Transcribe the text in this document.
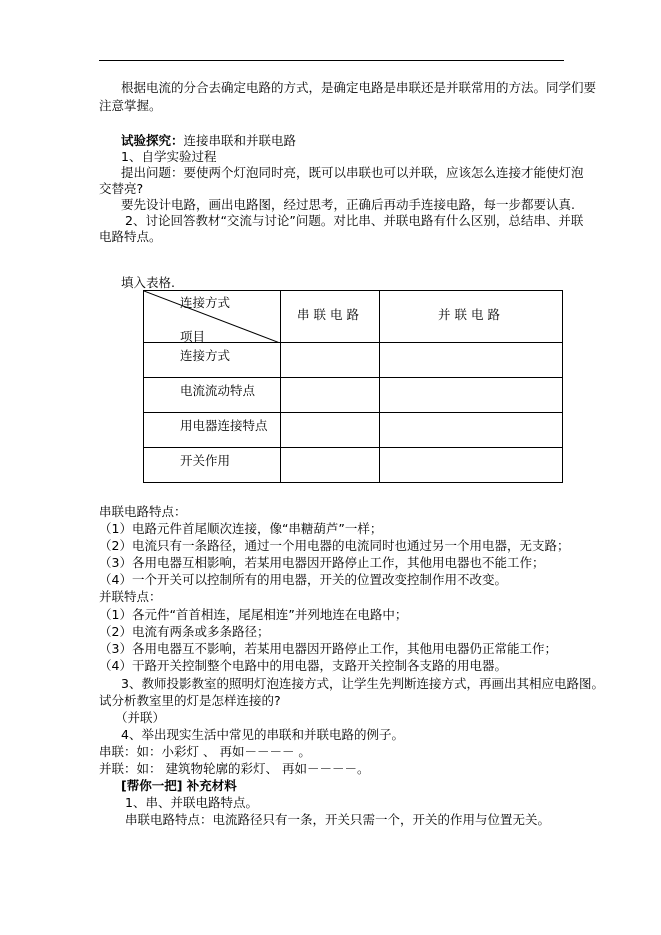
根据电流的分合去确定电路的方式，是确定电路是串联还是并联常用的方法。同学们要
注意掌握。
试验探究：连接串联和并联电路
1、自学实验过程
提出问题：要使两个灯泡同时亮，既可以串联也可以并联，应该怎么连接才能使灯泡
交替亮?
要先设计电路，画出电路图，经过思考，正确后再动手连接电路，每一步都要认真.
2、讨论回答教材“交流与讨论”问题。对比串、并联电路有什么区别，总结串、并联
电路特点。
填入表格.
连接方式
项目	串联电路	并联电路
连接方式		
电流流动特点		
用电器连接特点		
开关作用		
串联电路特点：
（1）电路元件首尾顺次连接，像“串糖葫芦”一样；
（2）电流只有一条路径，通过一个用电器的电流同时也通过另一个用电器，无支路；
（3）各用电器互相影响，若某用电器因开路停止工作，其他用电器也不能工作；
（4）一个开关可以控制所有的用电器，开关的位置改变控制作用不改变。
并联特点：
（1）各元件“首首相连，尾尾相连”并列地连在电路中；
（2）电流有两条或多条路径；
（3）各用电器互不影响，若某用电器因开路停止工作，其他用电器仍正常能工作；
（4）干路开关控制整个电路中的用电器，支路开关控制各支路的用电器。
3、教师投影教室的照明灯泡连接方式，让学生先判断连接方式，再画出其相应电路图。
试分析教室里的灯是怎样连接的?
（并联）
4、举出现实生活中常见的串联和并联电路的例子。
串联：如：小彩灯 、 再如－－－－ 。
并联：如： 建筑物轮廓的彩灯、 再如－－－－。
[帮你一把] 补充材料
1、串、并联电路特点。
串联电路特点：电流路径只有一条，开关只需一个，开关的作用与位置无关。
